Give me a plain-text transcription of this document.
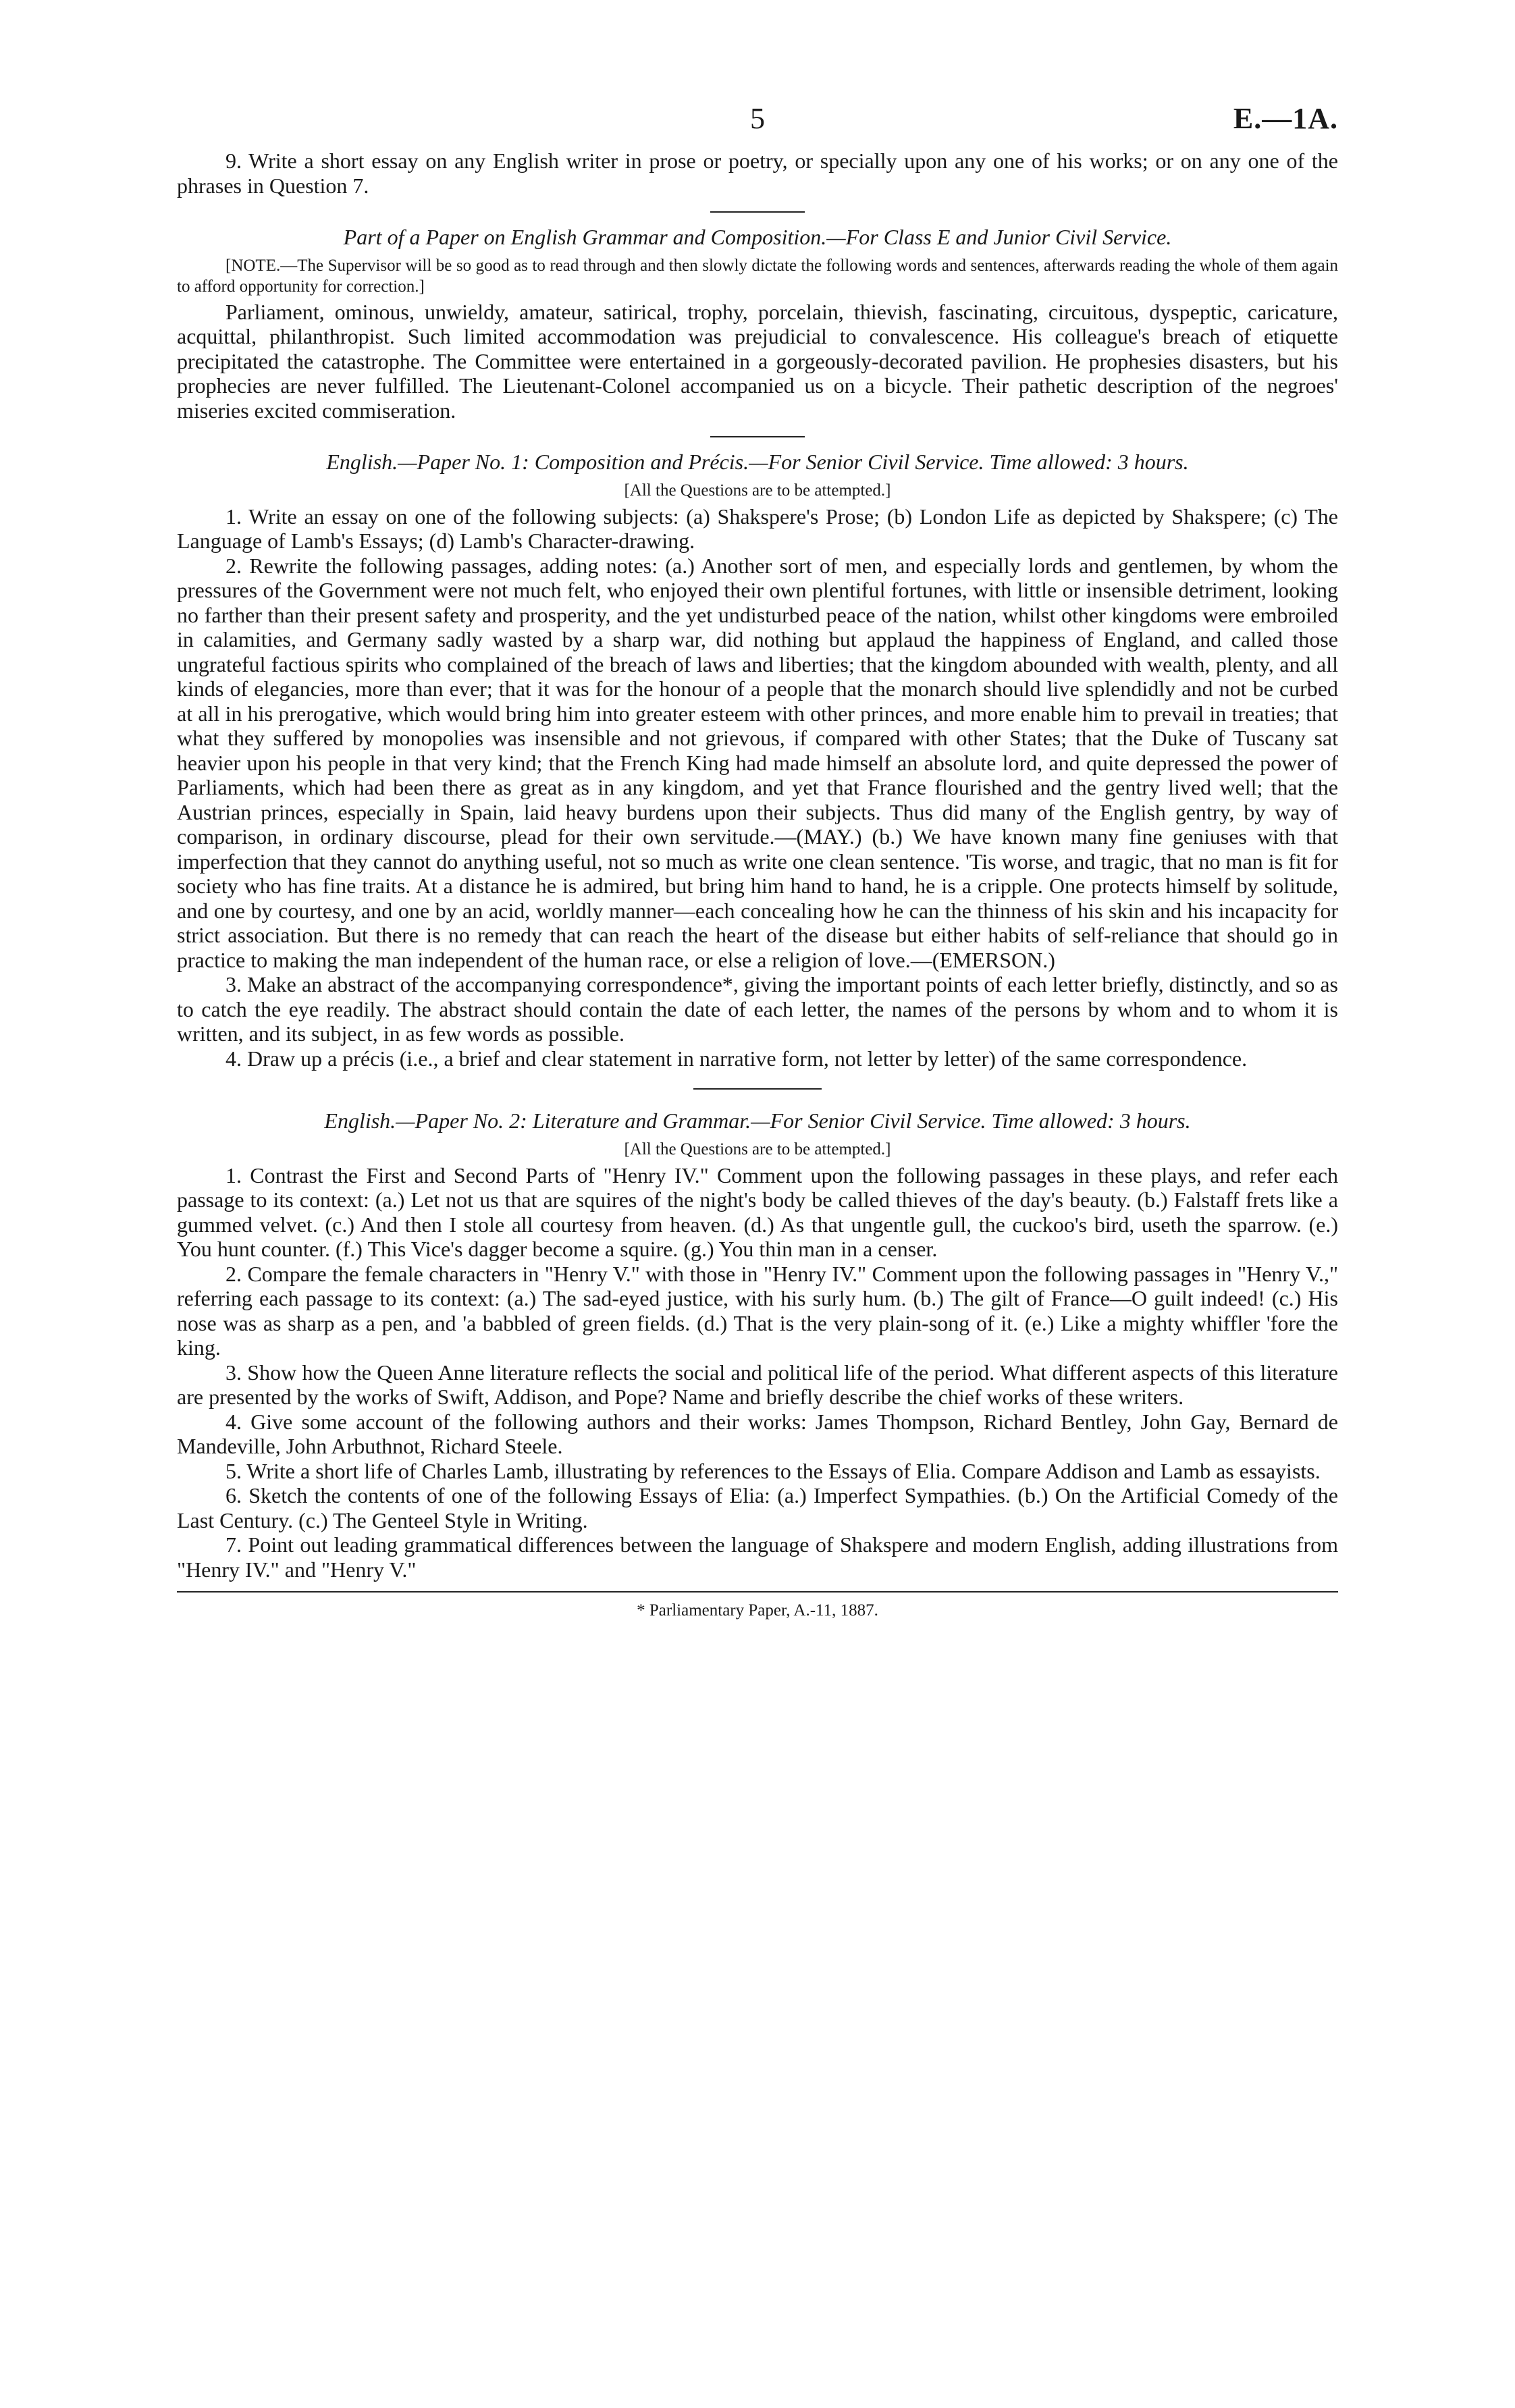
5	E.—1A.

9. Write a short essay on any English writer in prose or poetry, or specially upon any one of his works; or on any one of the phrases in Question 7.

Part of a Paper on English Grammar and Composition.—For Class E and Junior Civil Service.
[NOTE.—The Supervisor will be so good as to read through and then slowly dictate the following words and sentences, afterwards reading the whole of them again to afford opportunity for correction.]

Parliament, ominous, unwieldy, amateur, satirical, trophy, porcelain, thievish, fascinating, circuitous, dyspeptic, caricature, acquittal, philanthropist. Such limited accommodation was prejudicial to convalescence. His colleague's breach of etiquette precipitated the catastrophe. The Committee were entertained in a gorgeously-decorated pavilion. He prophesies disasters, but his prophecies are never fulfilled. The Lieutenant-Colonel accompanied us on a bicycle. Their pathetic description of the negroes' miseries excited commiseration.

English.—Paper No. 1: Composition and Précis.—For Senior Civil Service. Time allowed: 3 hours.
[All the Questions are to be attempted.]

1. Write an essay on one of the following subjects: (a) Shakspere's Prose; (b) London Life as depicted by Shakspere; (c) The Language of Lamb's Essays; (d) Lamb's Character-drawing.

2. Rewrite the following passages, adding notes: (a.) Another sort of men, and especially lords and gentlemen, by whom the pressures of the Government were not much felt, who enjoyed their own plentiful fortunes, with little or insensible detriment, looking no farther than their present safety and prosperity, and the yet undisturbed peace of the nation, whilst other kingdoms were embroiled in calamities, and Germany sadly wasted by a sharp war, did nothing but applaud the happiness of England, and called those ungrateful factious spirits who complained of the breach of laws and liberties; that the kingdom abounded with wealth, plenty, and all kinds of elegancies, more than ever; that it was for the honour of a people that the monarch should live splendidly and not be curbed at all in his prerogative, which would bring him into greater esteem with other princes, and more enable him to prevail in treaties; that what they suffered by monopolies was insensible and not grievous, if compared with other States; that the Duke of Tuscany sat heavier upon his people in that very kind; that the French King had made himself an absolute lord, and quite depressed the power of Parliaments, which had been there as great as in any kingdom, and yet that France flourished and the gentry lived well; that the Austrian princes, especially in Spain, laid heavy burdens upon their subjects. Thus did many of the English gentry, by way of comparison, in ordinary discourse, plead for their own servitude.—(MAY.) (b.) We have known many fine geniuses with that imperfection that they cannot do anything useful, not so much as write one clean sentence. 'Tis worse, and tragic, that no man is fit for society who has fine traits. At a distance he is admired, but bring him hand to hand, he is a cripple. One protects himself by solitude, and one by courtesy, and one by an acid, worldly manner—each concealing how he can the thinness of his skin and his incapacity for strict association. But there is no remedy that can reach the heart of the disease but either habits of self-reliance that should go in practice to making the man independent of the human race, or else a religion of love.—(EMERSON.)

3. Make an abstract of the accompanying correspondence*, giving the important points of each letter briefly, distinctly, and so as to catch the eye readily. The abstract should contain the date of each letter, the names of the persons by whom and to whom it is written, and its subject, in as few words as possible.

4. Draw up a précis (i.e., a brief and clear statement in narrative form, not letter by letter) of the same correspondence.

English.—Paper No. 2: Literature and Grammar.—For Senior Civil Service. Time allowed: 3 hours.
[All the Questions are to be attempted.]

1. Contrast the First and Second Parts of "Henry IV." Comment upon the following passages in these plays, and refer each passage to its context: (a.) Let not us that are squires of the night's body be called thieves of the day's beauty. (b.) Falstaff frets like a gummed velvet. (c.) And then I stole all courtesy from heaven. (d.) As that ungentle gull, the cuckoo's bird, useth the sparrow. (e.) You hunt counter. (f.) This Vice's dagger become a squire. (g.) You thin man in a censer.

2. Compare the female characters in "Henry V." with those in "Henry IV." Comment upon the following passages in "Henry V.," referring each passage to its context: (a.) The sad-eyed justice, with his surly hum. (b.) The gilt of France—O guilt indeed! (c.) His nose was as sharp as a pen, and 'a babbled of green fields. (d.) That is the very plain-song of it. (e.) Like a mighty whiffler 'fore the king.

3. Show how the Queen Anne literature reflects the social and political life of the period. What different aspects of this literature are presented by the works of Swift, Addison, and Pope? Name and briefly describe the chief works of these writers.

4. Give some account of the following authors and their works: James Thompson, Richard Bentley, John Gay, Bernard de Mandeville, John Arbuthnot, Richard Steele.

5. Write a short life of Charles Lamb, illustrating by references to the Essays of Elia. Compare Addison and Lamb as essayists.

6. Sketch the contents of one of the following Essays of Elia: (a.) Imperfect Sympathies. (b.) On the Artificial Comedy of the Last Century. (c.) The Genteel Style in Writing.

7. Point out leading grammatical differences between the language of Shakspere and modern English, adding illustrations from "Henry IV." and "Henry V."

* Parliamentary Paper, A.-11, 1887.
